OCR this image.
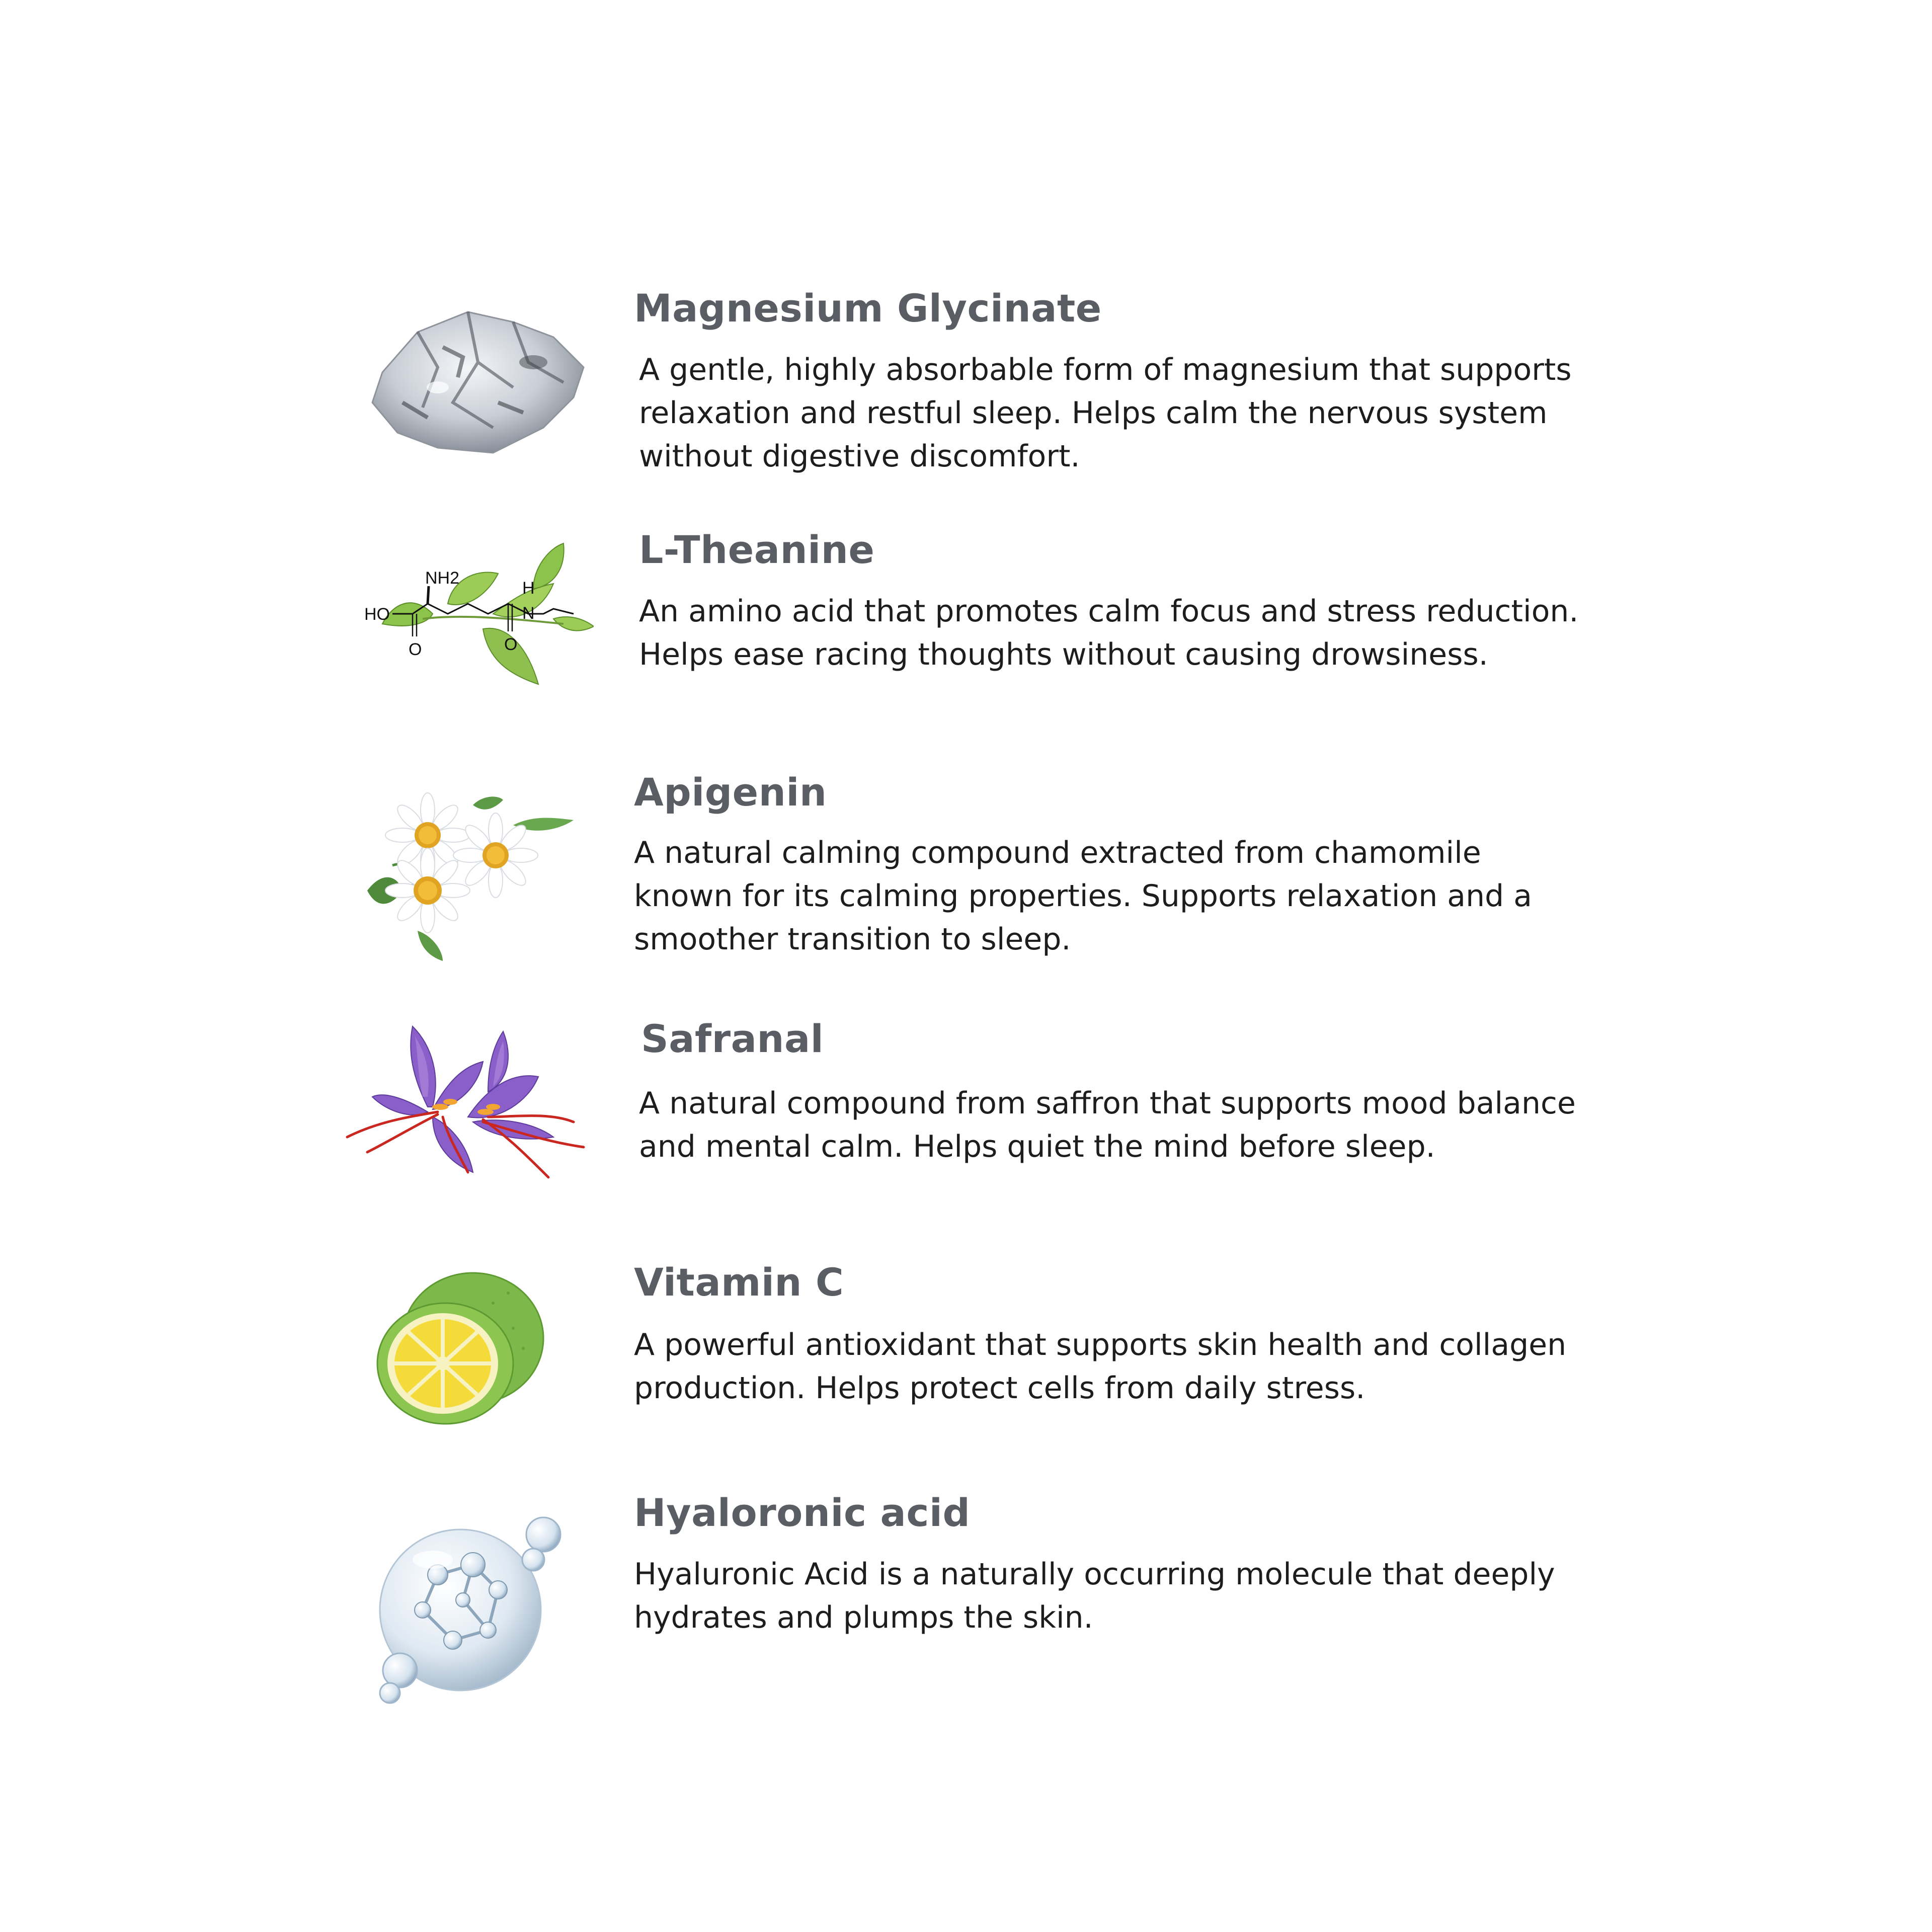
Magnesium Glycinate

A gentle, highly absorbable form of magnesium that supports relaxation and restful sleep. Helps calm the nervous system without digestive discomfort.

NH2
HO
H
N
O	O
L-Theanine

An amino acid that promotes calm focus and stress reduction. Helps ease racing thoughts without causing drowsiness.

Apigenin

A natural calming compound extracted from chamomile known for its calming properties. Supports relaxation and a smoother transition to sleep.

Safranal

A natural compound from saffron that supports mood balance and mental calm. Helps quiet the mind before sleep.

Vitamin C

A powerful antioxidant that supports skin health and collagen production. Helps protect cells from daily stress.

Hyaloronic acid

Hyaluronic Acid is a naturally occurring molecule that deeply hydrates and plumps the skin.
